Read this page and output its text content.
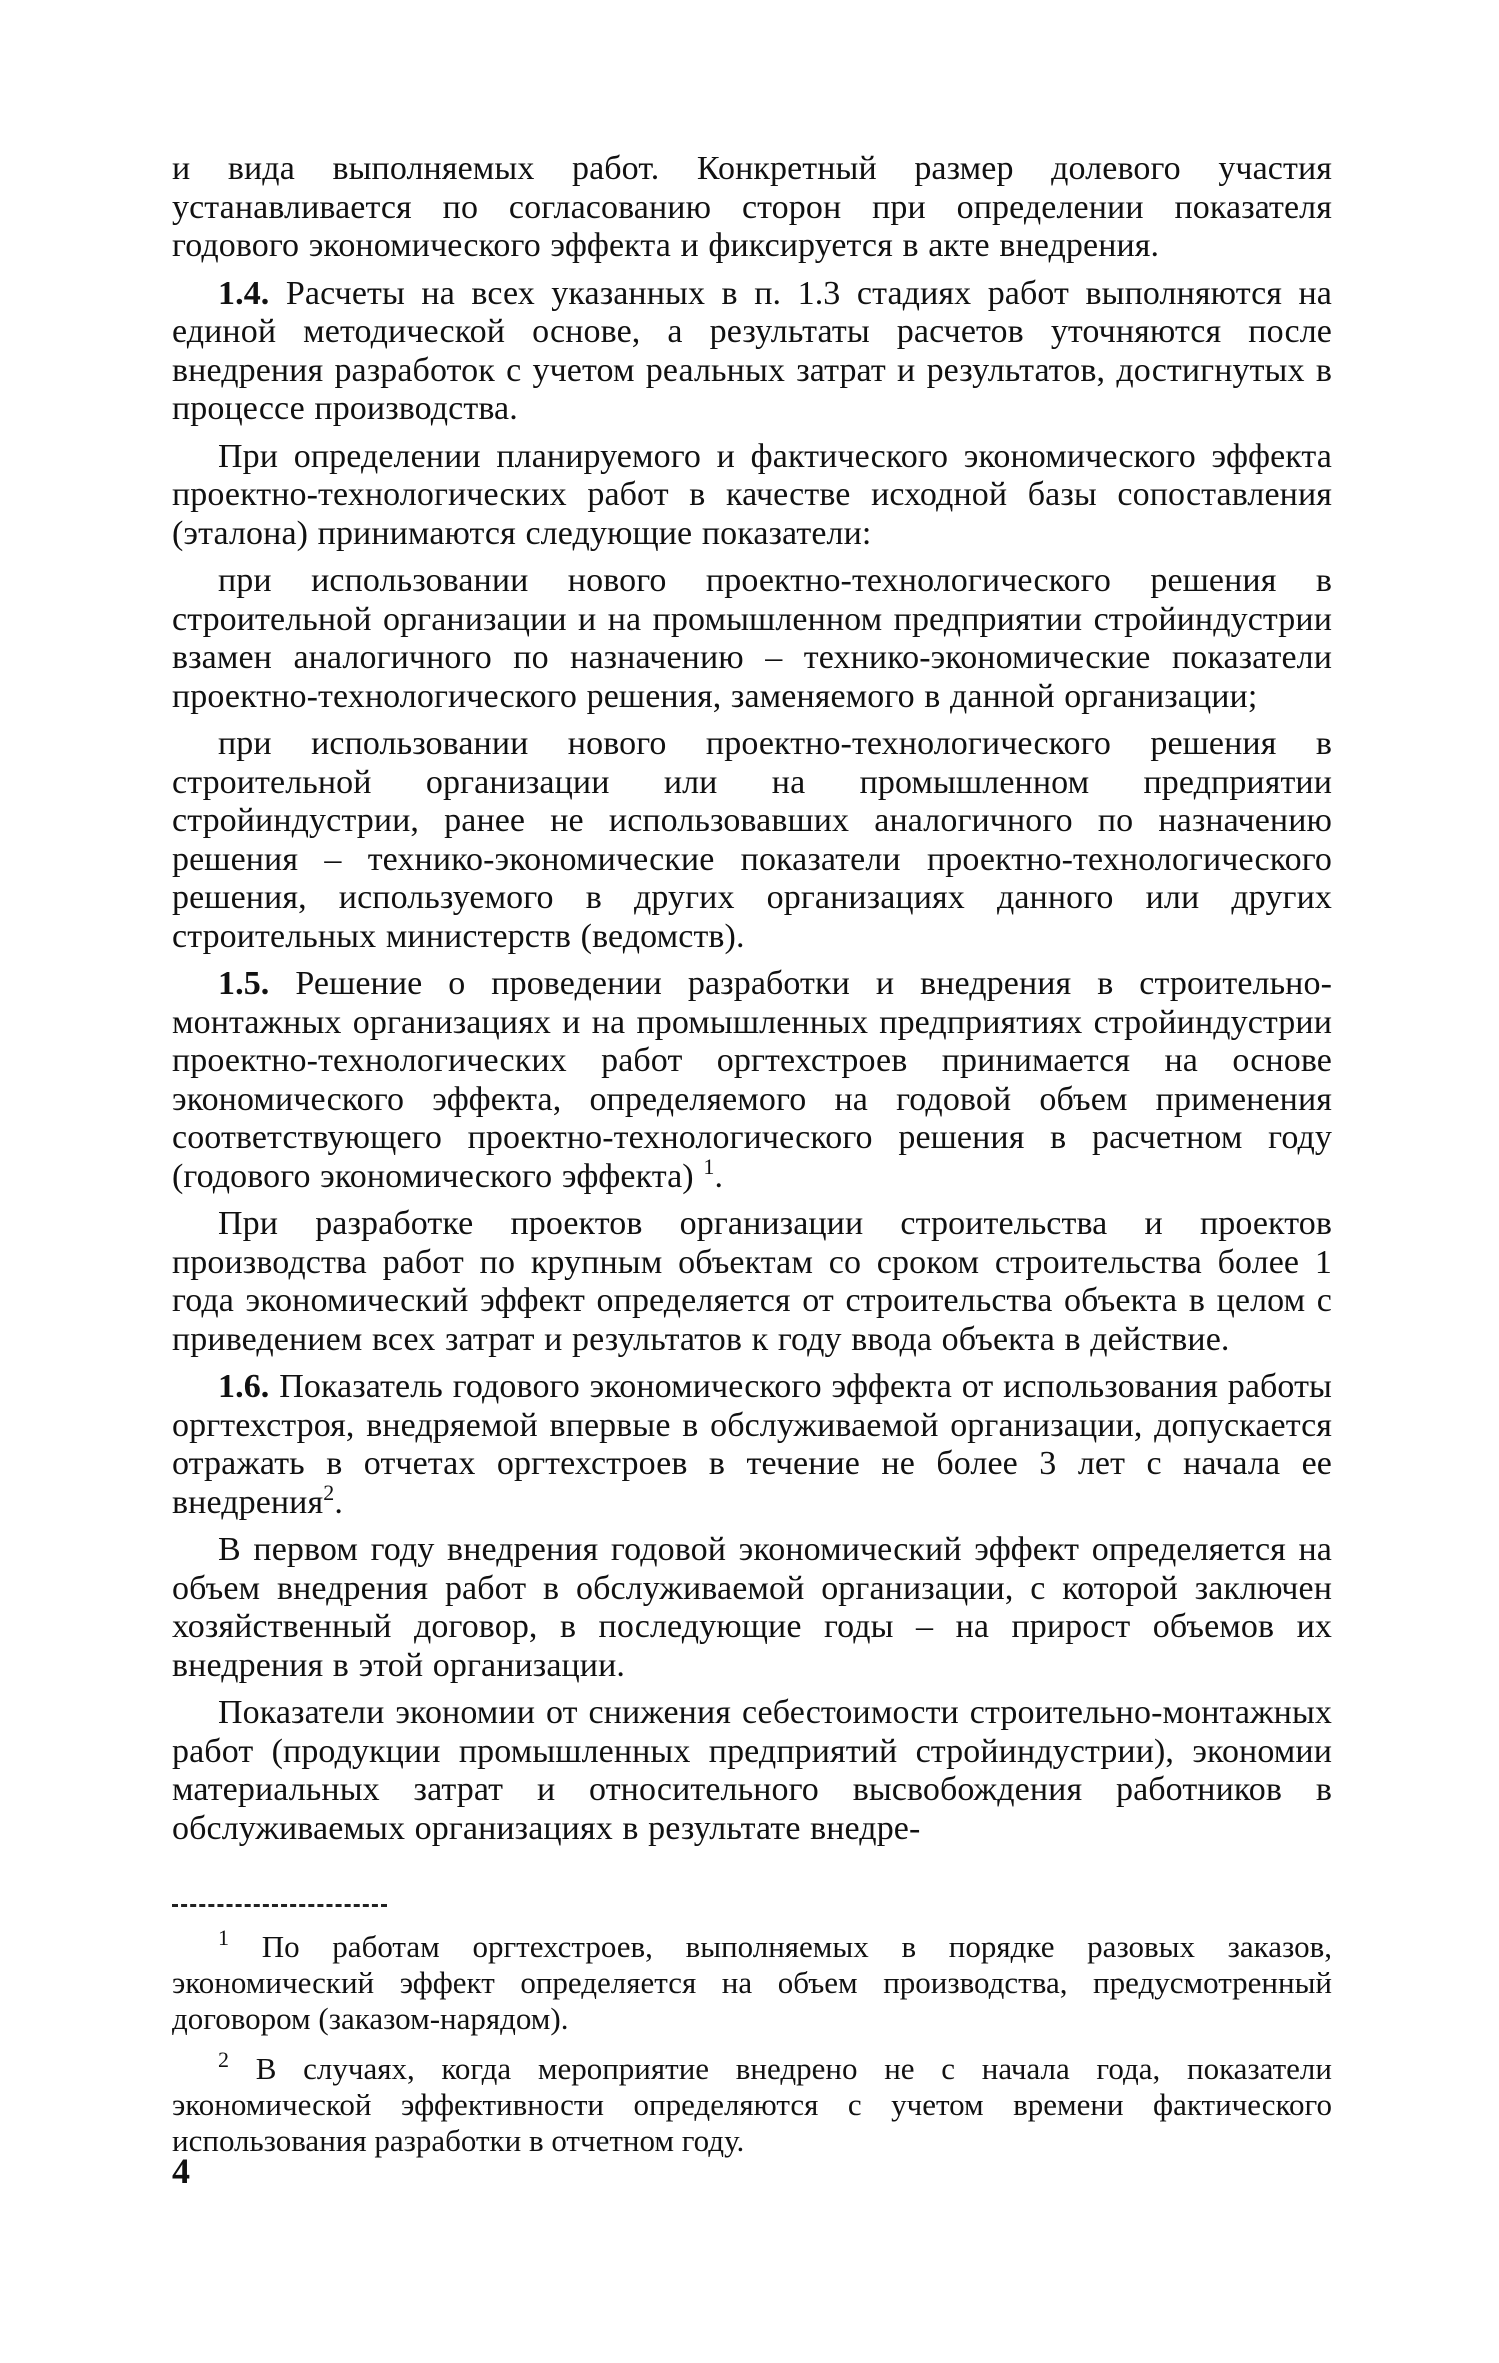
и вида выполняемых работ. Конкретный размер долевого участия устанавливается по согласованию сторон при определении показателя годового экономического эффекта и фиксируется в акте внедрения.

1.4. Расчеты на всех указанных в п. 1.3 стадиях работ выполняются на единой методической основе, а результаты расчетов уточняются после внедрения разработок с учетом реальных затрат и результатов, достигнутых в процессе производства.

При определении планируемого и фактического экономического эффекта проектно-технологических работ в качестве исходной базы сопоставления (эталона) принимаются следующие показатели:

при использовании нового проектно-технологического решения в строительной организации и на промышленном предприятии стройиндустрии взамен аналогичного по назначению – технико-экономические показатели проектно-технологического решения, заменяемого в данной организации;

при использовании нового проектно-технологического решения в строительной организации или на промышленном предприятии стройиндустрии, ранее не использовавших аналогичного по назначению решения – технико-экономические показатели проектно-технологического решения, используемого в других организациях данного или других строительных министерств (ведомств).

1.5. Решение о проведении разработки и внедрения в строительно-монтажных организациях и на промышленных предприятиях стройиндустрии проектно-технологических работ оргтехстроев принимается на основе экономического эффекта, определяемого на годовой объем применения соответствующего проектно-технологического решения в расчетном году (годового экономического эффекта) $^1$.

При разработке проектов организации строительства и проектов производства работ по крупным объектам со сроком строительства более 1 года экономический эффект определяется от строительства объекта в целом с приведением всех затрат и результатов к году ввода объекта в действие.

1.6. Показатель годового экономического эффекта от использования работы оргтехстроя, внедряемой впервые в обслуживаемой организации, допускается отражать в отчетах оргтехстроев в течение не более 3 лет с начала ее внедрения$^2$.

В первом году внедрения годовой экономический эффект определяется на объем внедрения работ в обслуживаемой организации, с которой заключен хозяйственный договор, в последующие годы – на прирост объемов их внедрения в этой организации.

Показатели экономии от снижения себестоимости строительно-монтажных работ (продукции промышленных предприятий стройиндустрии), экономии материальных затрат и относительного высвобождения работников в обслуживаемых организациях в результате внедре-

$^1$ По работам оргтехстроев, выполняемых в порядке разовых заказов, экономический эффект определяется на объем производства, предусмотренный договором (заказом-нарядом).

$^2$ В случаях, когда мероприятие внедрено не с начала года, показатели экономической эффективности определяются с учетом времени фактического использования разработки в отчетном году.

4
